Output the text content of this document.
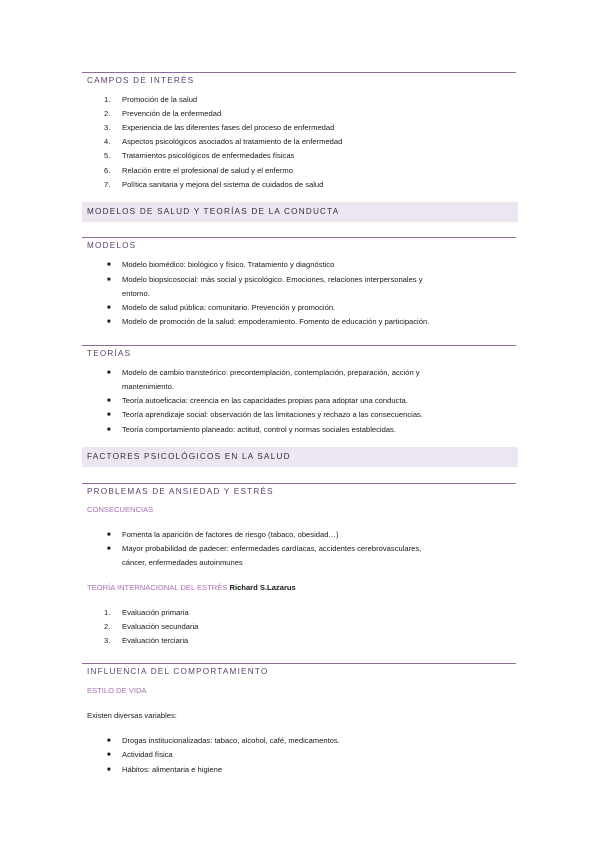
CAMPOS DE INTERÉS
1. Promoción de la salud
2. Prevención de la enfermedad
3. Experiencia de las diferentes fases del proceso de enfermedad
4. Aspectos psicológicos asociados al tratamiento de la enfermedad
5. Tratamientos psicológicos de enfermedades físicas
6. Relación entre el profesional de salud y el enfermo
7. Política sanitaria y mejora del sistema de cuidados de salud
MODELOS DE SALUD Y TEORÍAS DE LA CONDUCTA
MODELOS
■ Modelo biomédico: biológico y físico. Tratamiento y diagnóstico
■ Modelo biopsicosocial: más social y psicológico. Emociones, relaciones interpersonales y
entorno.
■ Modelo de salud pública: comunitario. Prevención y promoción.
■ Modelo de promoción de la salud: empoderamiento. Fomento de educación y participación.
TEORÍAS
■ Modelo de cambio transteórico: precontemplación, contemplación, preparación, acción y
mantenimiento.
■ Teoría autoeficacia: creencia en las capacidades propias para adoptar una conducta.
■ Teoría aprendizaje social: observación de las limitaciones y rechazo a las consecuencias.
■ Teoría comportamiento planeado: actitud, control y normas sociales establecidas.
FACTORES PSICOLÓGICOS EN LA SALUD
PROBLEMAS DE ANSIEDAD Y ESTRÉS
CONSECUENCIAS
■ Fomenta la aparición de factores de riesgo (tabaco, obesidad…)
■ Mayor probabilidad de padecer: enfermedades cardíacas, accidentes cerebrovasculares,
cáncer, enfermedades autoinmunes
TEORÍA INTERNACIONAL DEL ESTRÉS Richard S.Lazarus
1. Evaluación primaria
2. Evaluación secundaria
3. Evaluación terciaria
INFLUENCIA DEL COMPORTAMIENTO
ESTILO DE VIDA
Existen diversas variables:
■ Drogas institucionalizadas: tabaco, alcohol, café, medicamentos.
■ Actividad física
■ Hábitos: alimentaria e higiene
